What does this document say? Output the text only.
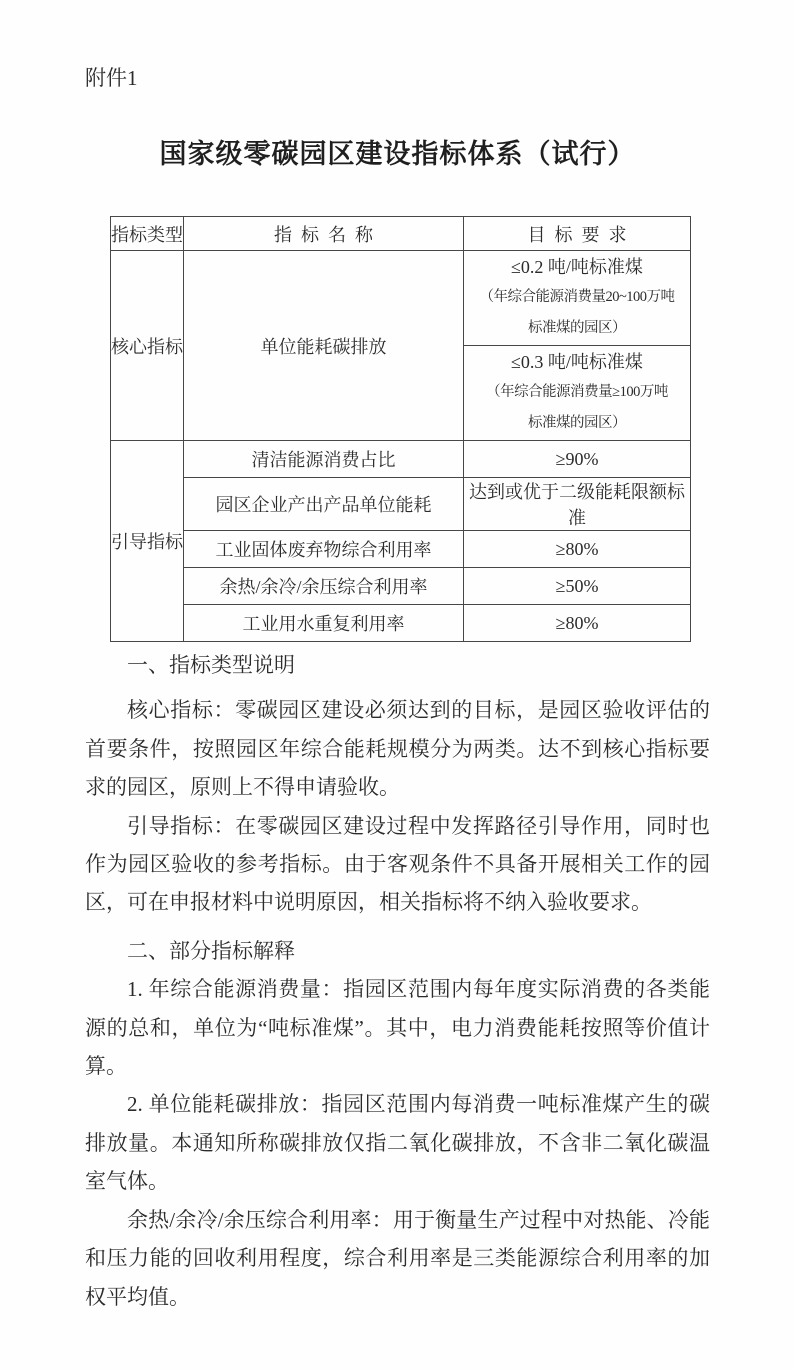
附件1
国家级零碳园区建设指标体系（试行）
指标类型	指标名称	目标要求
核心指标	单位能耗碳排放	≤0.2 吨/吨标准煤
（年综合能源消费量20~100万吨
标准煤的园区）

		≤0.3 吨/吨标准煤
（年综合能源消费量≥100万吨
标准煤的园区）

引导指标	清洁能源消费占比	≥90%
	园区企业产出产品单位能耗	达到或优于二级能耗限额标准
	工业固体废弃物综合利用率	≥80%
	余热/余冷/余压综合利用率	≥50%
	工业用水重复利用率	≥80%
一、指标类型说明

核心指标：零碳园区建设必须达到的目标，是园区验收评估的首要条件，按照园区年综合能耗规模分为两类。达不到核心指标要求的园区，原则上不得申请验收。

引导指标：在零碳园区建设过程中发挥路径引导作用，同时也作为园区验收的参考指标。由于客观条件不具备开展相关工作的园区，可在申报材料中说明原因，相关指标将不纳入验收要求。

二、部分指标解释

1. 年综合能源消费量：指园区范围内每年度实际消费的各类能源的总和，单位为“吨标准煤”。其中，电力消费能耗按照等价值计算。

2. 单位能耗碳排放：指园区范围内每消费一吨标准煤产生的碳排放量。本通知所称碳排放仅指二氧化碳排放，不含非二氧化碳温室气体。

余热/余冷/余压综合利用率：用于衡量生产过程中对热能、冷能和压力能的回收利用程度，综合利用率是三类能源综合利用率的加权平均值。
